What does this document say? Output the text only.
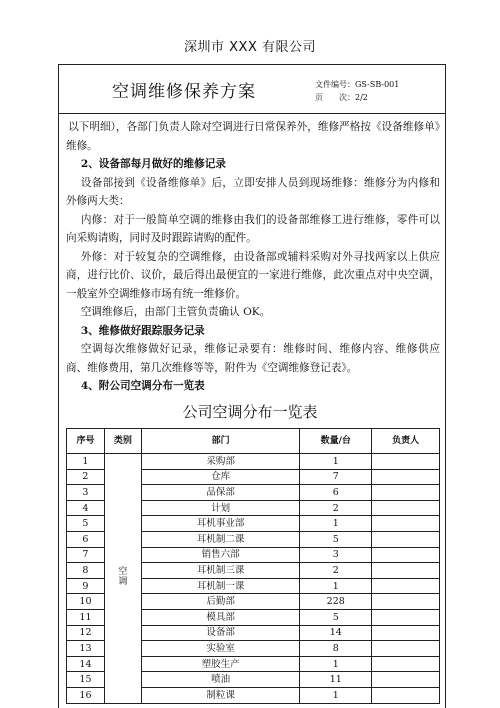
深圳市 XXX 有限公司
空调维修保养方案	文件编号：GS-SB-001
页　　次：2/2

以下明细），各部门负责人除对空调进行日常保养外，维修严格按《设备维修单》维修。

2、设备部每月做好的维修记录

设备部接到《设备维修单》后，立即安排人员到现场维修：维修分为内修和外修两大类：

内修：对于一般简单空调的维修由我们的设备部维修工进行维修，零件可以向采购请购，同时及时跟踪请购的配件。

外修：对于较复杂的空调维修，由设备部或辅料采购对外寻找两家以上供应商，进行比价、议价，最后得出最便宜的一家进行维修，此次重点对中央空调，一般室外空调维修市场有统一维修价。

空调维修后，由部门主管负责确认 OK。

3、维修做好跟踪服务记录

空调每次维修做好记录，维修记录要有：维修时间、维修内容、维修供应商、维修费用，第几次维修等等，附件为《空调维修登记表》。

4、附公司空调分布一览表

公司空调分布一览表
序号	类别	部门	数量/台	负责人
1	空调	采购部	1	
2		仓库	7	
3		品保部	6	
4		计划	2	
5		耳机事业部	1	
6		耳机制二课	5	
7		销售六部	3	
8		耳机制三课	2	
9		耳机制一课	1	
10		后勤部	228	
11		模具部	5	
12		设备部	14	
13		实验室	8	
14		塑胶生产	1	
15		喷油	11	
16		制粒课	1	
